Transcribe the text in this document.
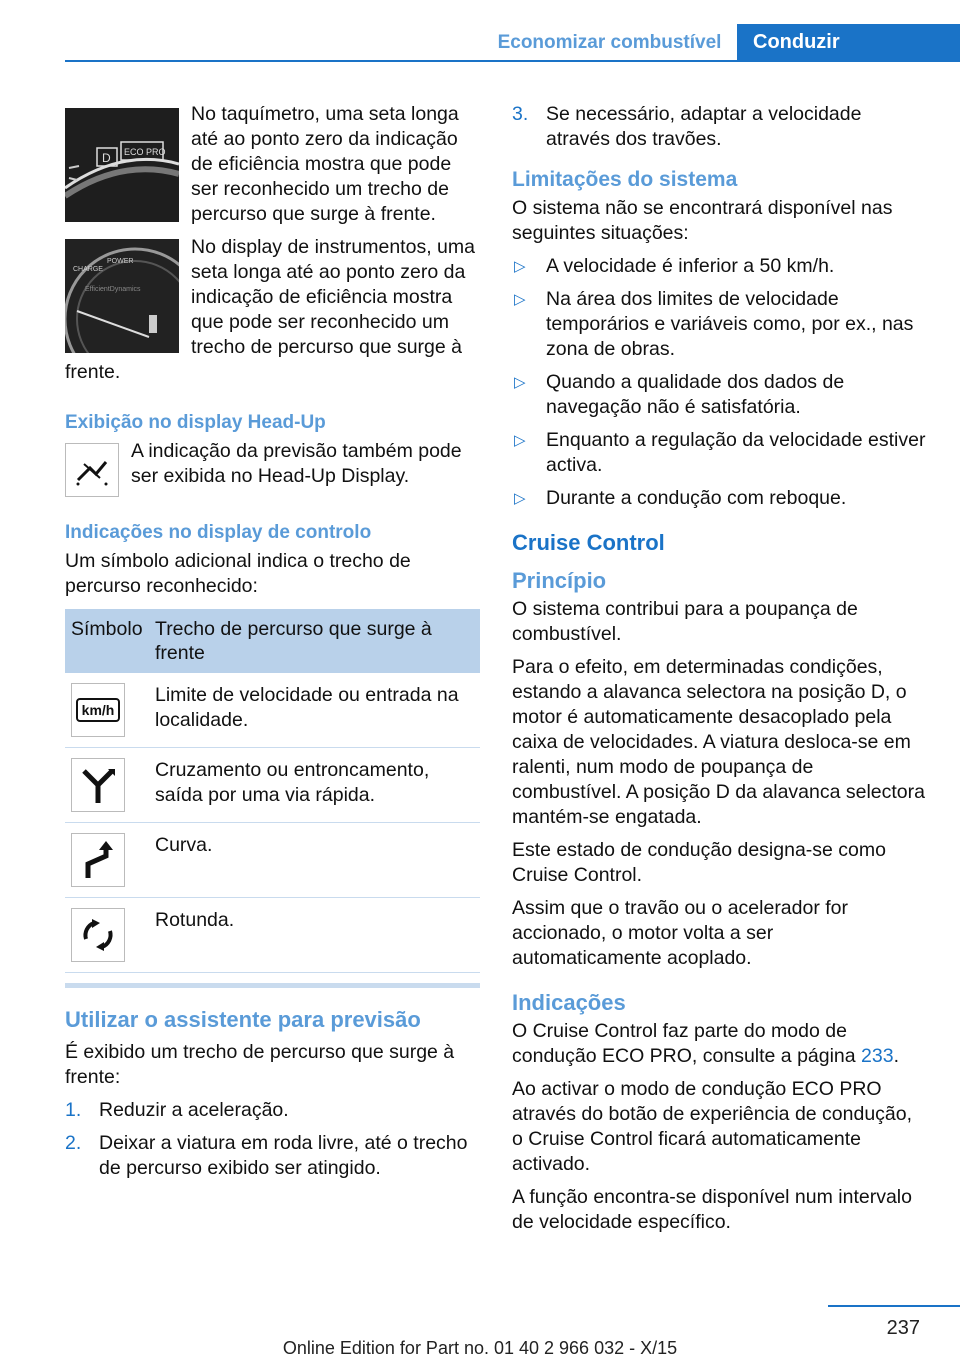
Economizar combustível	Conduzir
D ECO PRO

No taquímetro, uma seta longa até ao ponto zero da indicação de eficiência mostra que pode ser reconhecido um trecho de percurso que surge à frente.

CHARGE
POWER
EfficientDynamics

No display de instrumentos, uma seta longa até ao ponto zero da indicação de eficiência mostra que pode ser reconhecido um trecho de percurso que surge à frente.

Exibição no display Head-Up

A indicação da previsão também pode ser exibida no Head-Up Display.

Indicações no display de controlo

Um símbolo adicional indica o trecho de percurso reconhecido:

Símbolo	Trecho de percurso que surge à frente

km/h	Limite de velocidade ou entrada na localidade.

	Cruzamento ou entroncamento, saída por uma via rápida.

	Curva.

	Rotunda.
Utilizar o assistente para previsão

É exibido um trecho de percurso que surge à frente:

1. Reduzir a aceleração.
2. Deixar a viatura em roda livre, até o trecho de percurso exibido ser atingido.
3. Se necessário, adaptar a velocidade através dos travões.
Limitações do sistema

O sistema não se encontrará disponível nas seguintes situações:

▷ A velocidade é inferior a 50 km/h.
▷ Na área dos limites de velocidade temporários e variáveis como, por ex., nas zona de obras.
▷ Quando a qualidade dos dados de navegação não é satisfatória.
▷ Enquanto a regulação da velocidade estiver activa.
▷ Durante a condução com reboque.
Cruise Control
Princípio

O sistema contribui para a poupança de combustível.

Para o efeito, em determinadas condições, estando a alavanca selectora na posição D, o motor é automaticamente desacoplado pela caixa de velocidades. A viatura desloca-se em ralenti, num modo de poupança de combustível. A posição D da alavanca selectora mantém-se engatada.

Este estado de condução designa-se como Cruise Control.

Assim que o travão ou o acelerador for accionado, o motor volta a ser automaticamente acoplado.

Indicações

O Cruise Control faz parte do modo de condução ECO PRO, consulte a página 233.

Ao activar o modo de condução ECO PRO através do botão de experiência de condução, o Cruise Control ficará automaticamente activado.

A função encontra-se disponível num intervalo de velocidade específico.

237
Online Edition for Part no. 01 40 2 966 032 - X/15
